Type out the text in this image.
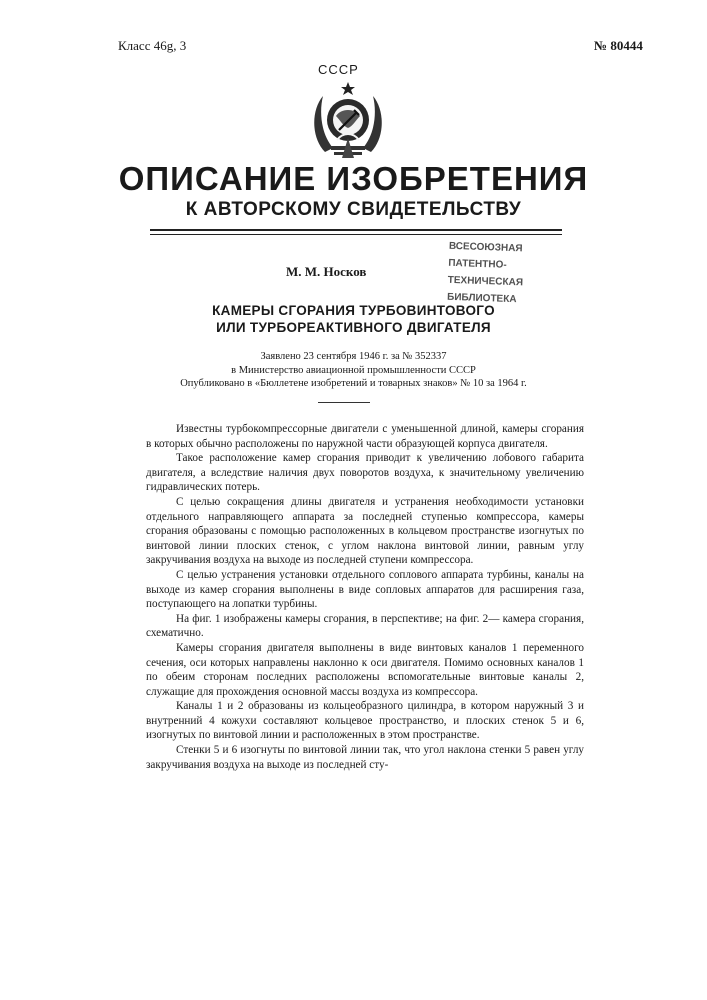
Класс 46g, 3	№ 80444
СССР
ОПИСАНИЕ ИЗОБРЕТЕНИЯ
К АВТОРСКОМУ СВИДЕТЕЛЬСТВУ
ВСЕСОЮЗНАЯ
ПАТЕНТНО-
ТЕХНИЧЕСКАЯ
БИБЛИОТЕКА
М. М. Носков
КАМЕРЫ СГОРАНИЯ ТУРБОВИНТОВОГО
ИЛИ ТУРБОРЕАКТИВНОГО ДВИГАТЕЛЯ
Заявлено 23 сентября 1946 г. за № 352337
в Министерство авиационной промышленности СССР
Опубликовано в «Бюллетене изобретений и товарных знаков» № 10 за 1964 г.

Известны турбокомпрессорные двигатели с уменьшенной длиной, камеры сгорания в которых обычно расположены по наружной части образующей корпуса двигателя.

Такое расположение камер сгорания приводит к увеличению лобового габарита двигателя, а вследствие наличия двух поворотов воздуха, к значительному увеличению гидравлических потерь.

С целью сокращения длины двигателя и устранения необходимости установки отдельного направляющего аппарата за последней ступенью компрессора, камеры сгорания образованы с помощью расположенных в кольцевом пространстве изогнутых по винтовой линии плоских стенок, с углом наклона винтовой линии, равным углу закручивания воздуха на выходе из последней ступени компрессора.

С целью устранения установки отдельного соплового аппарата турбины, каналы на выходе из камер сгорания выполнены в виде сопловых аппаратов для расширения газа, поступающего на лопатки турбины.

На фиг. 1 изображены камеры сгорания, в перспективе; на фиг. 2— камера сгорания, схематично.

Камеры сгорания двигателя выполнены в виде винтовых каналов 1 переменного сечения, оси которых направлены наклонно к оси двигателя. Помимо основных каналов 1 по обеим сторонам последних расположены вспомогательные винтовые каналы 2, служащие для прохождения основной массы воздуха из компрессора.

Каналы 1 и 2 образованы из кольцеобразного цилиндра, в котором наружный 3 и внутренний 4 кожухи составляют кольцевое пространство, и плоских стенок 5 и 6, изогнутых по винтовой линии и расположенных в этом пространстве.

Стенки 5 и 6 изогнуты по винтовой линии так, что угол наклона стенки 5 равен углу закручивания воздуха на выходе из последней сту-
